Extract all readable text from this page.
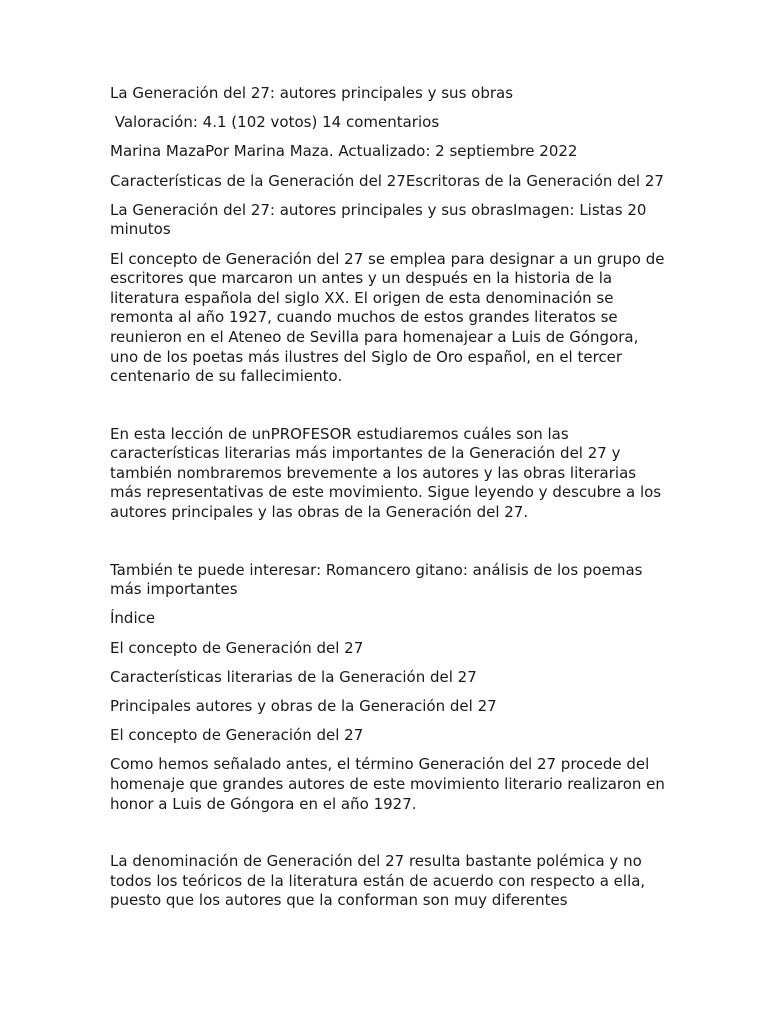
La Generación del 27: autores principales y sus obras

Valoración: 4.1 (102 votos) 14 comentarios

Marina MazaPor Marina Maza. Actualizado: 2 septiembre 2022

Características de la Generación del 27Escritoras de la Generación del 27

La Generación del 27: autores principales y sus obrasImagen: Listas 20 minutos

El concepto de Generación del 27 se emplea para designar a un grupo de escritores que marcaron un antes y un después en la historia de la literatura española del siglo XX. El origen de esta denominación se remonta al año 1927, cuando muchos de estos grandes literatos se reunieron en el Ateneo de Sevilla para homenajear a Luis de Góngora, uno de los poetas más ilustres del Siglo de Oro español, en el tercer centenario de su fallecimiento.

En esta lección de unPROFESOR estudiaremos cuáles son las características literarias más importantes de la Generación del 27 y también nombraremos brevemente a los autores y las obras literarias más representativas de este movimiento. Sigue leyendo y descubre a los autores principales y las obras de la Generación del 27.

También te puede interesar: Romancero gitano: análisis de los poemas más importantes

Índice

El concepto de Generación del 27

Características literarias de la Generación del 27

Principales autores y obras de la Generación del 27

El concepto de Generación del 27

Como hemos señalado antes, el término Generación del 27 procede del homenaje que grandes autores de este movimiento literario realizaron en honor a Luis de Góngora en el año 1927.

La denominación de Generación del 27 resulta bastante polémica y no todos los teóricos de la literatura están de acuerdo con respecto a ella, puesto que los autores que la conforman son muy diferentes
